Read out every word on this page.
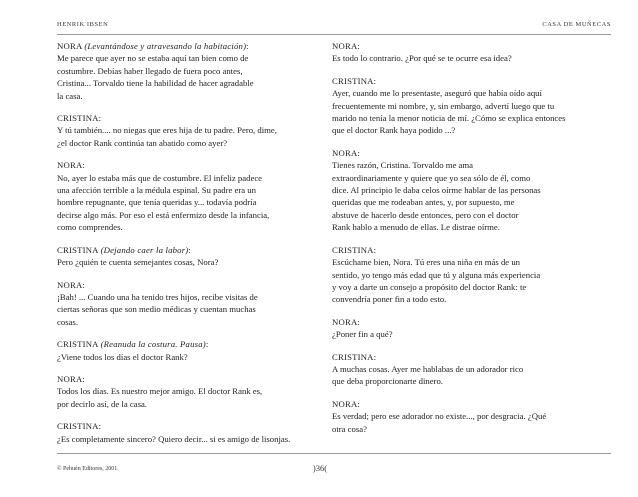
HENRIK IBSEN	CASA DE MUÑECAS
NORA (Levantándose y atravesando la habitación):
Me parece que ayer no se estaba aquí tan bien como de
costumbre. Debías haber llegado de fuera poco antes,
Cristina... Torvaldo tiene la habilidad de hacer agradable
la casa.
CRISTINA:
Y tú también.... no niegas que eres hija de tu padre. Pero, dime,
¿el doctor Rank continúa tan abatido como ayer?
NORA:
No, ayer lo estaba más que de costumbre. El infeliz padece
una afección terrible a la médula espinal. Su padre era un
hombre repugnante, que tenía queridas y... todavía podría
decirse algo más. Por eso el está enfermizo desde la infancia,
como comprendes.
CRISTINA (Dejando caer la labor):
Pero ¿quién te cuenta semejantes cosas, Nora?
NORA:
¡Bah! ... Cuando una ha tenido tres hijos, recibe visitas de
ciertas señoras que son medio médicas y cuentan muchas
cosas.
CRISTINA (Reanuda la costura. Pausa):
¿Viene todos los días el doctor Rank?
NORA:
Todos los días. Es nuestro mejor amigo. El doctor Rank es,
por decirlo así, de la casa.
CRISTINA:
¿Es completamente sincero? Quiero decir... si es amigo de lisonjas.
NORA:
Es todo lo contrario. ¿Por qué se te ocurre esa idea?
CRISTINA:
Ayer, cuando me lo presentaste, aseguró que había oído aquí
frecuentemente mi nombre, y, sin embargo, advertí luego que tu
marido no tenía la menor noticia de mí. ¿Cómo se explica entonces
que el doctor Rank haya podido ...?
NORA:
Tienes razón, Cristina. Torvaldo me ama
extraordinariamente y quiere que yo sea sólo de él, como
dice. Al principio le daba celos oírme hablar de las personas
queridas que me rodeaban antes, y, por supuesto, me
abstuve de hacerlo desde entonces, pero con el doctor
Rank hablo a menudo de ellas. Le distrae oírme.
CRISTINA:
Escúchame bien, Nora. Tú eres una niña en más de un
sentido, yo tengo más edad que tú y alguna más experiencia
y voy a darte un consejo a propósito del doctor Rank: te
convendría poner fin a todo esto.
NORA:
¿Poner fin a qué?
CRISTINA:
A muchas cosas. Ayer me hablabas de un adorador rico
que deba proporcionarte dinero.
NORA:
Es verdad; pero ese adorador no existe..., por desgracia. ¿Qué
otra cosa?
© Pehuén Editores, 2001.	)36(
